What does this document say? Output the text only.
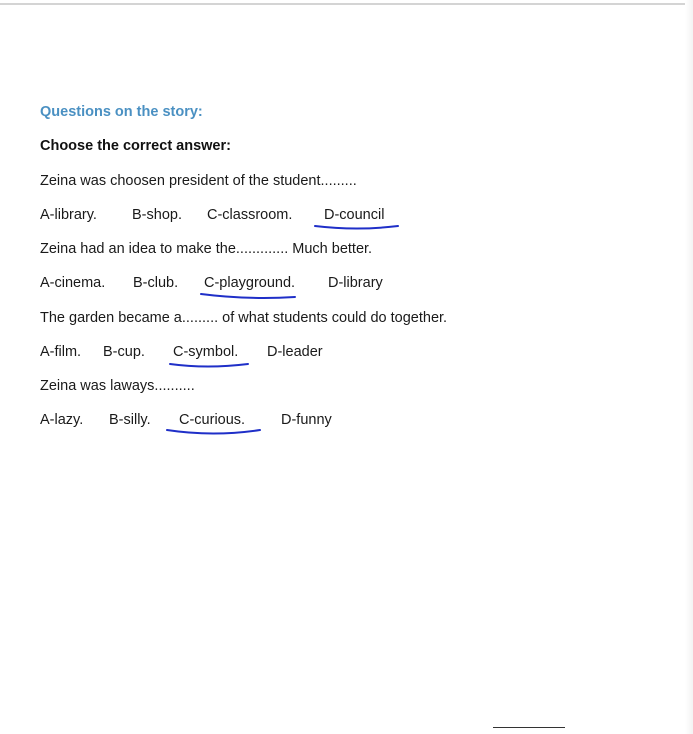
Questions on the story:
Choose the correct answer:
Zeina was choosen president of the student.........
A-library. B-shop. C-classroom. D-council
Zeina had an idea to make the............. Much better.
A-cinema. B-club. C-playground. D-library
The garden became a......... of what students could do together.
A-film. B-cup. C-symbol. D-leader
Zeina was laways..........
A-lazy. B-silly. C-curious. D-funny
